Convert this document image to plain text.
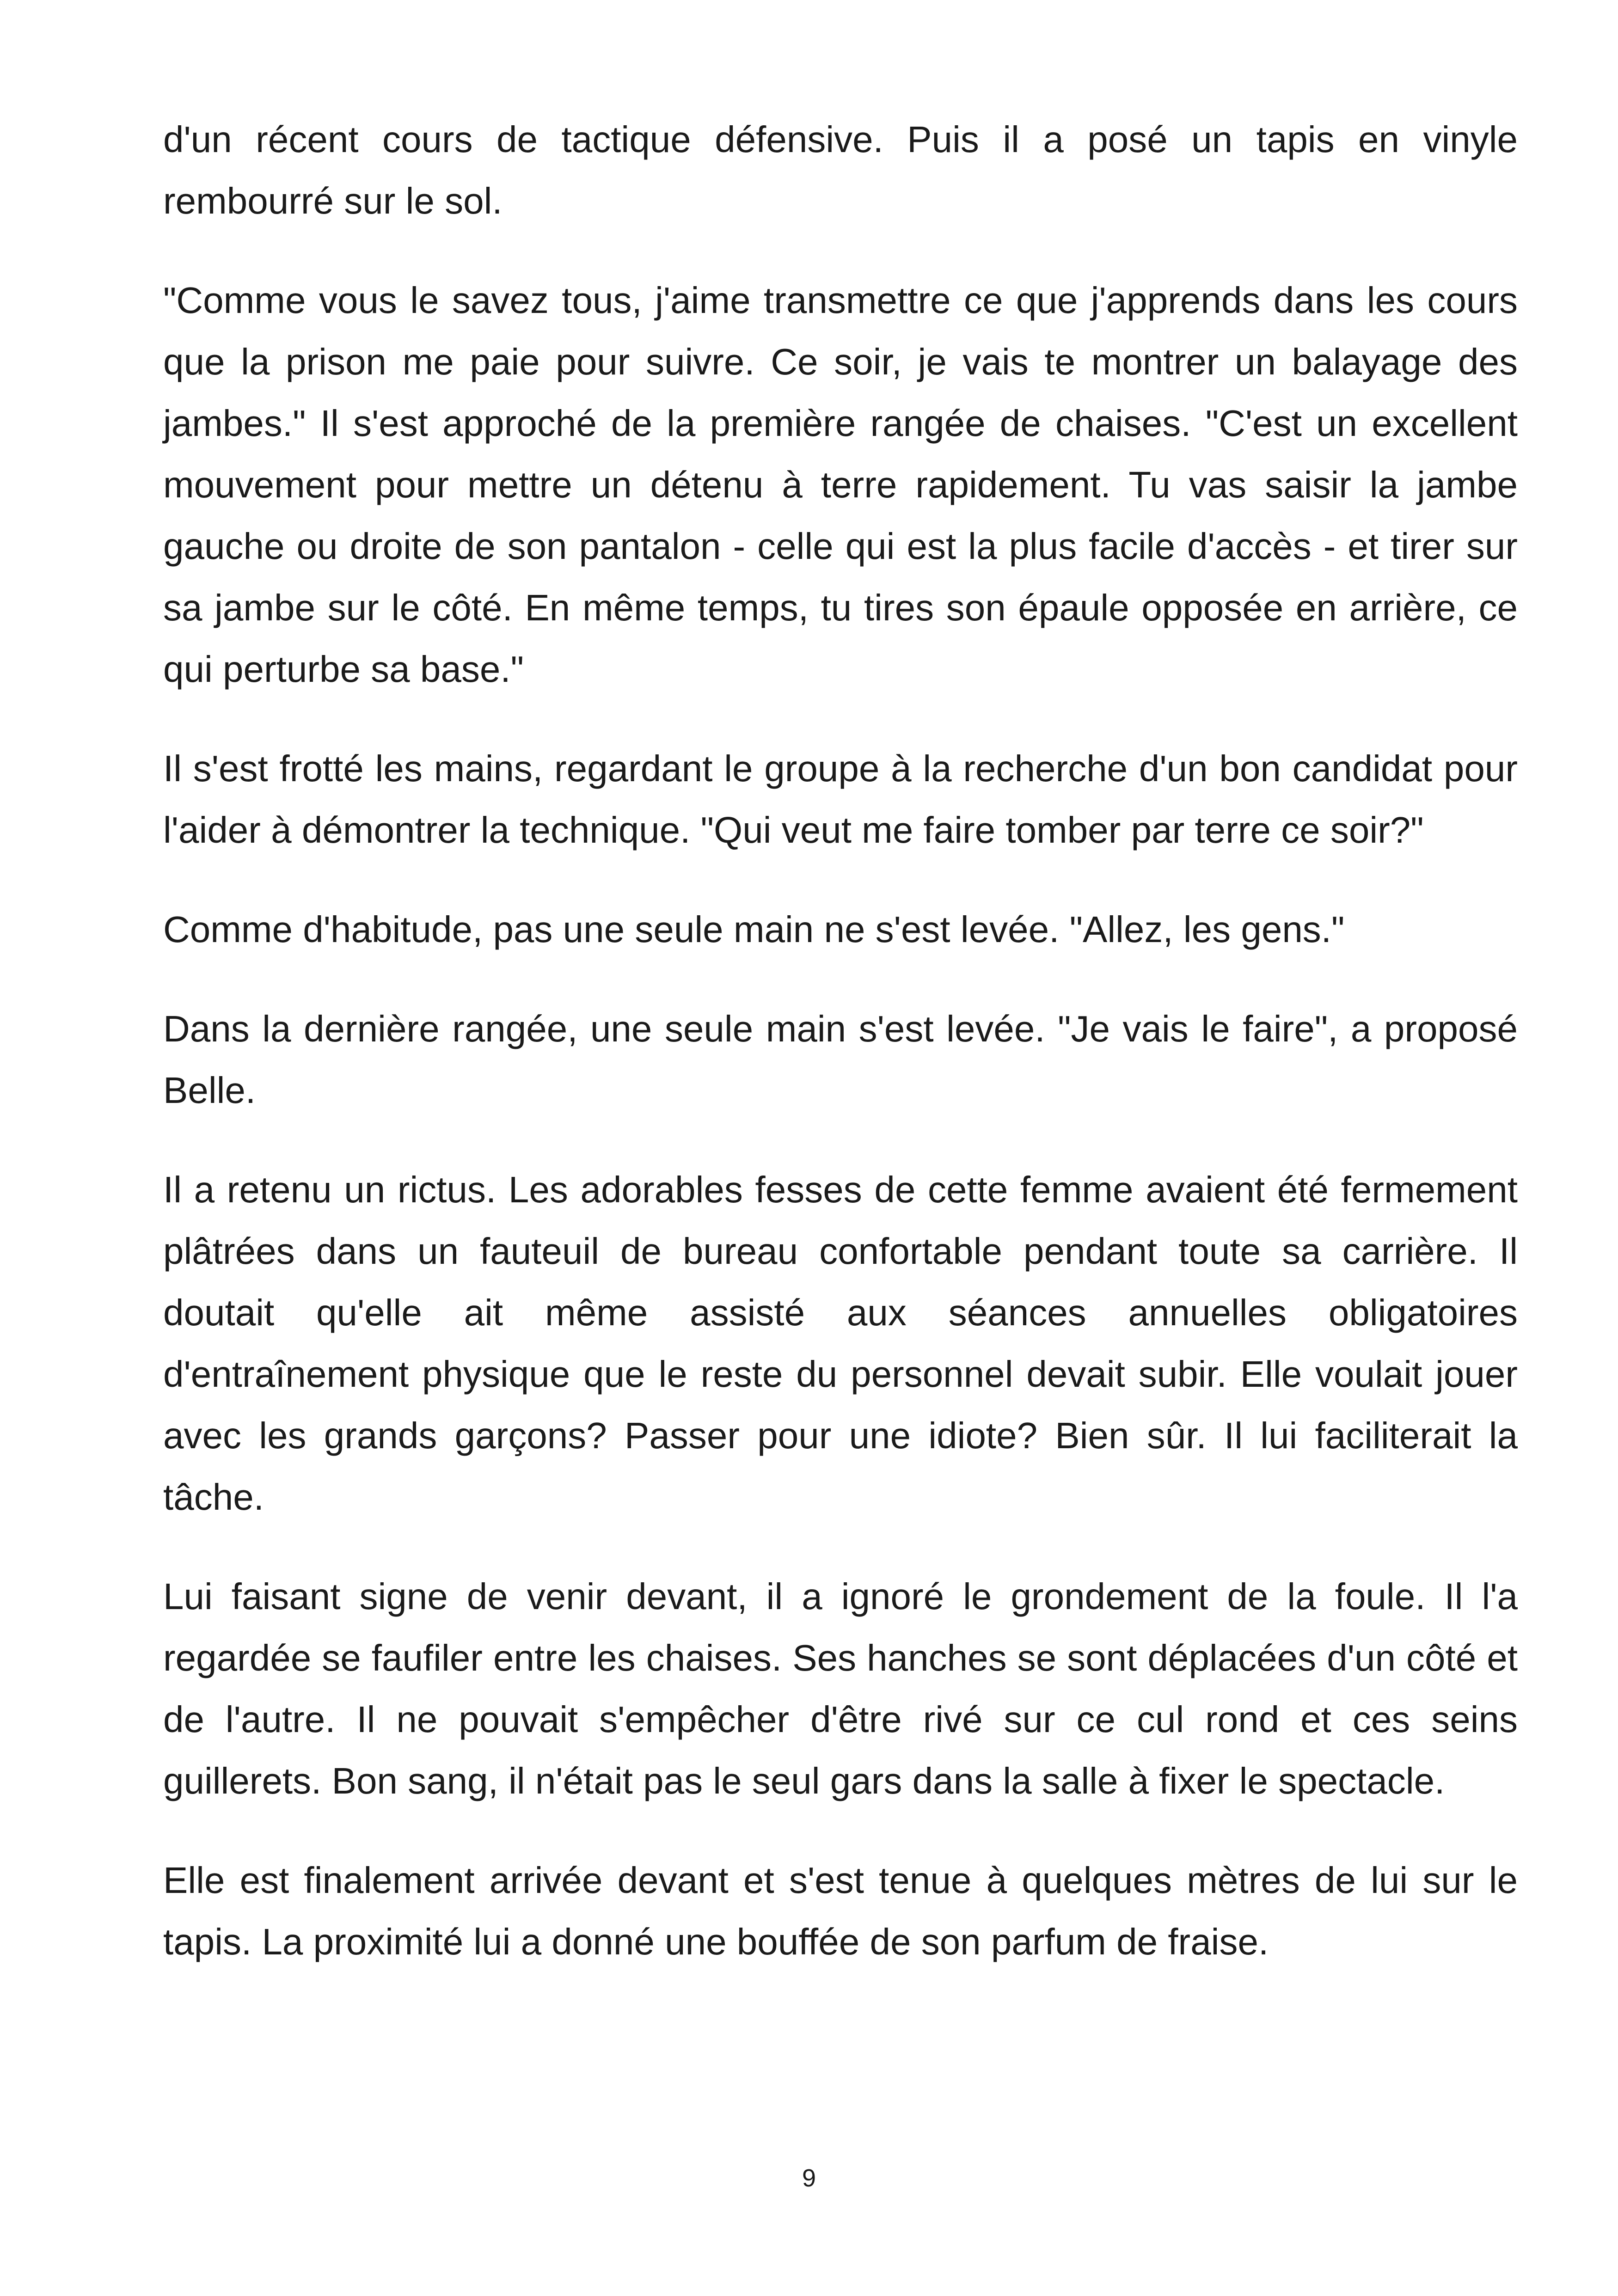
d'un récent cours de tactique défensive. Puis il a posé un tapis en vinyle rembourré sur le sol.

"Comme vous le savez tous, j'aime transmettre ce que j'apprends dans les cours que la prison me paie pour suivre. Ce soir, je vais te montrer un balayage des jambes." Il s'est approché de la première rangée de chaises. "C'est un excellent mouvement pour mettre un détenu à terre rapidement. Tu vas saisir la jambe gauche ou droite de son pantalon - celle qui est la plus facile d'accès - et tirer sur sa jambe sur le côté. En même temps, tu tires son épaule opposée en arrière, ce qui perturbe sa base."

Il s'est frotté les mains, regardant le groupe à la recherche d'un bon candidat pour l'aider à démontrer la technique. "Qui veut me faire tomber par terre ce soir?"

Comme d'habitude, pas une seule main ne s'est levée. "Allez, les gens."

Dans la dernière rangée, une seule main s'est levée. "Je vais le faire", a proposé Belle.

Il a retenu un rictus. Les adorables fesses de cette femme avaient été fermement plâtrées dans un fauteuil de bureau confortable pendant toute sa carrière. Il doutait qu'elle ait même assisté aux séances annuelles obligatoires d'entraînement physique que le reste du personnel devait subir. Elle voulait jouer avec les grands garçons? Passer pour une idiote? Bien sûr. Il lui faciliterait la tâche.

Lui faisant signe de venir devant, il a ignoré le grondement de la foule. Il l'a regardée se faufiler entre les chaises. Ses hanches se sont déplacées d'un côté et de l'autre. Il ne pouvait s'empêcher d'être rivé sur ce cul rond et ces seins guillerets. Bon sang, il n'était pas le seul gars dans la salle à fixer le spectacle.

Elle est finalement arrivée devant et s'est tenue à quelques mètres de lui sur le tapis. La proximité lui a donné une bouffée de son parfum de fraise.

9
